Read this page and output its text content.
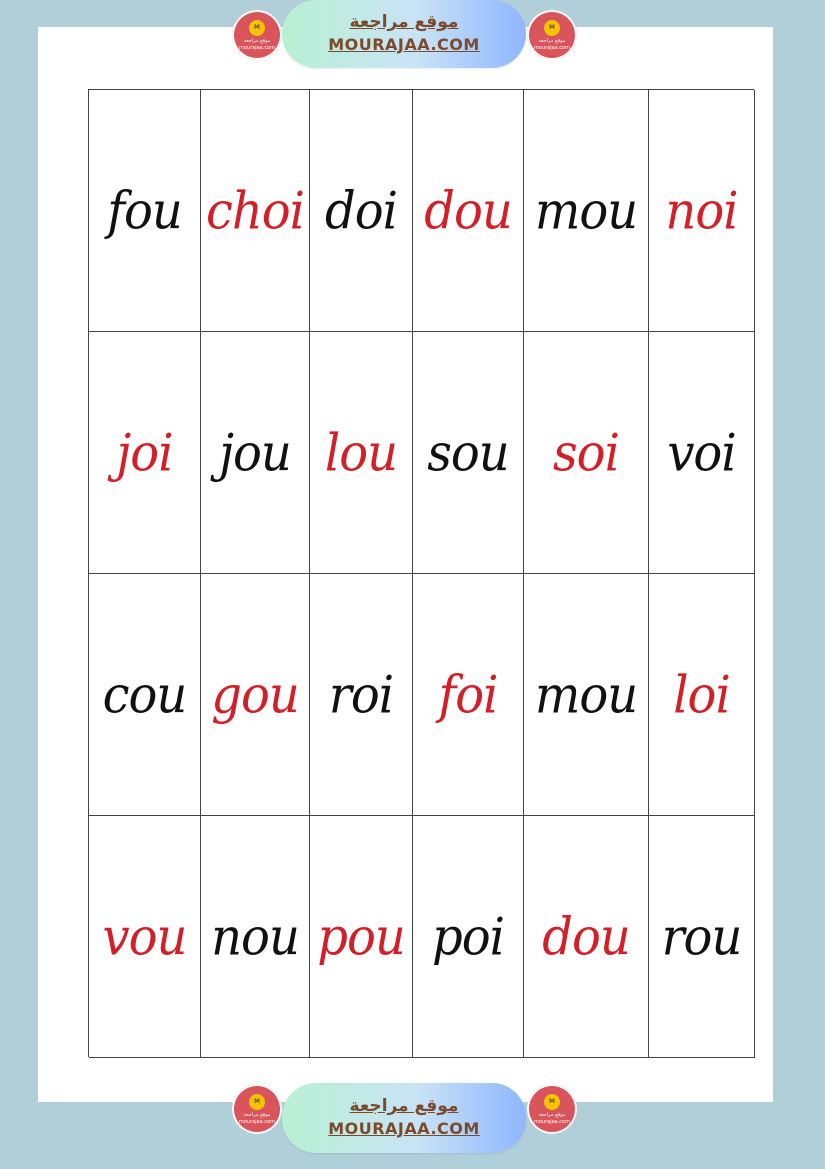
M
موقع مراجعة
mourajaa.com
موقع مراجعة
MOURAJAA.COM
M
موقع مراجعة
mourajaa.com
fou choi doi dou mou noi
joi jou lou sou soi voi
cou gou roi foi mou loi
vou nou pou poi dou rou
M
موقع مراجعة
mourajaa.com
موقع مراجعة
MOURAJAA.COM
M
موقع مراجعة
mourajaa.com
